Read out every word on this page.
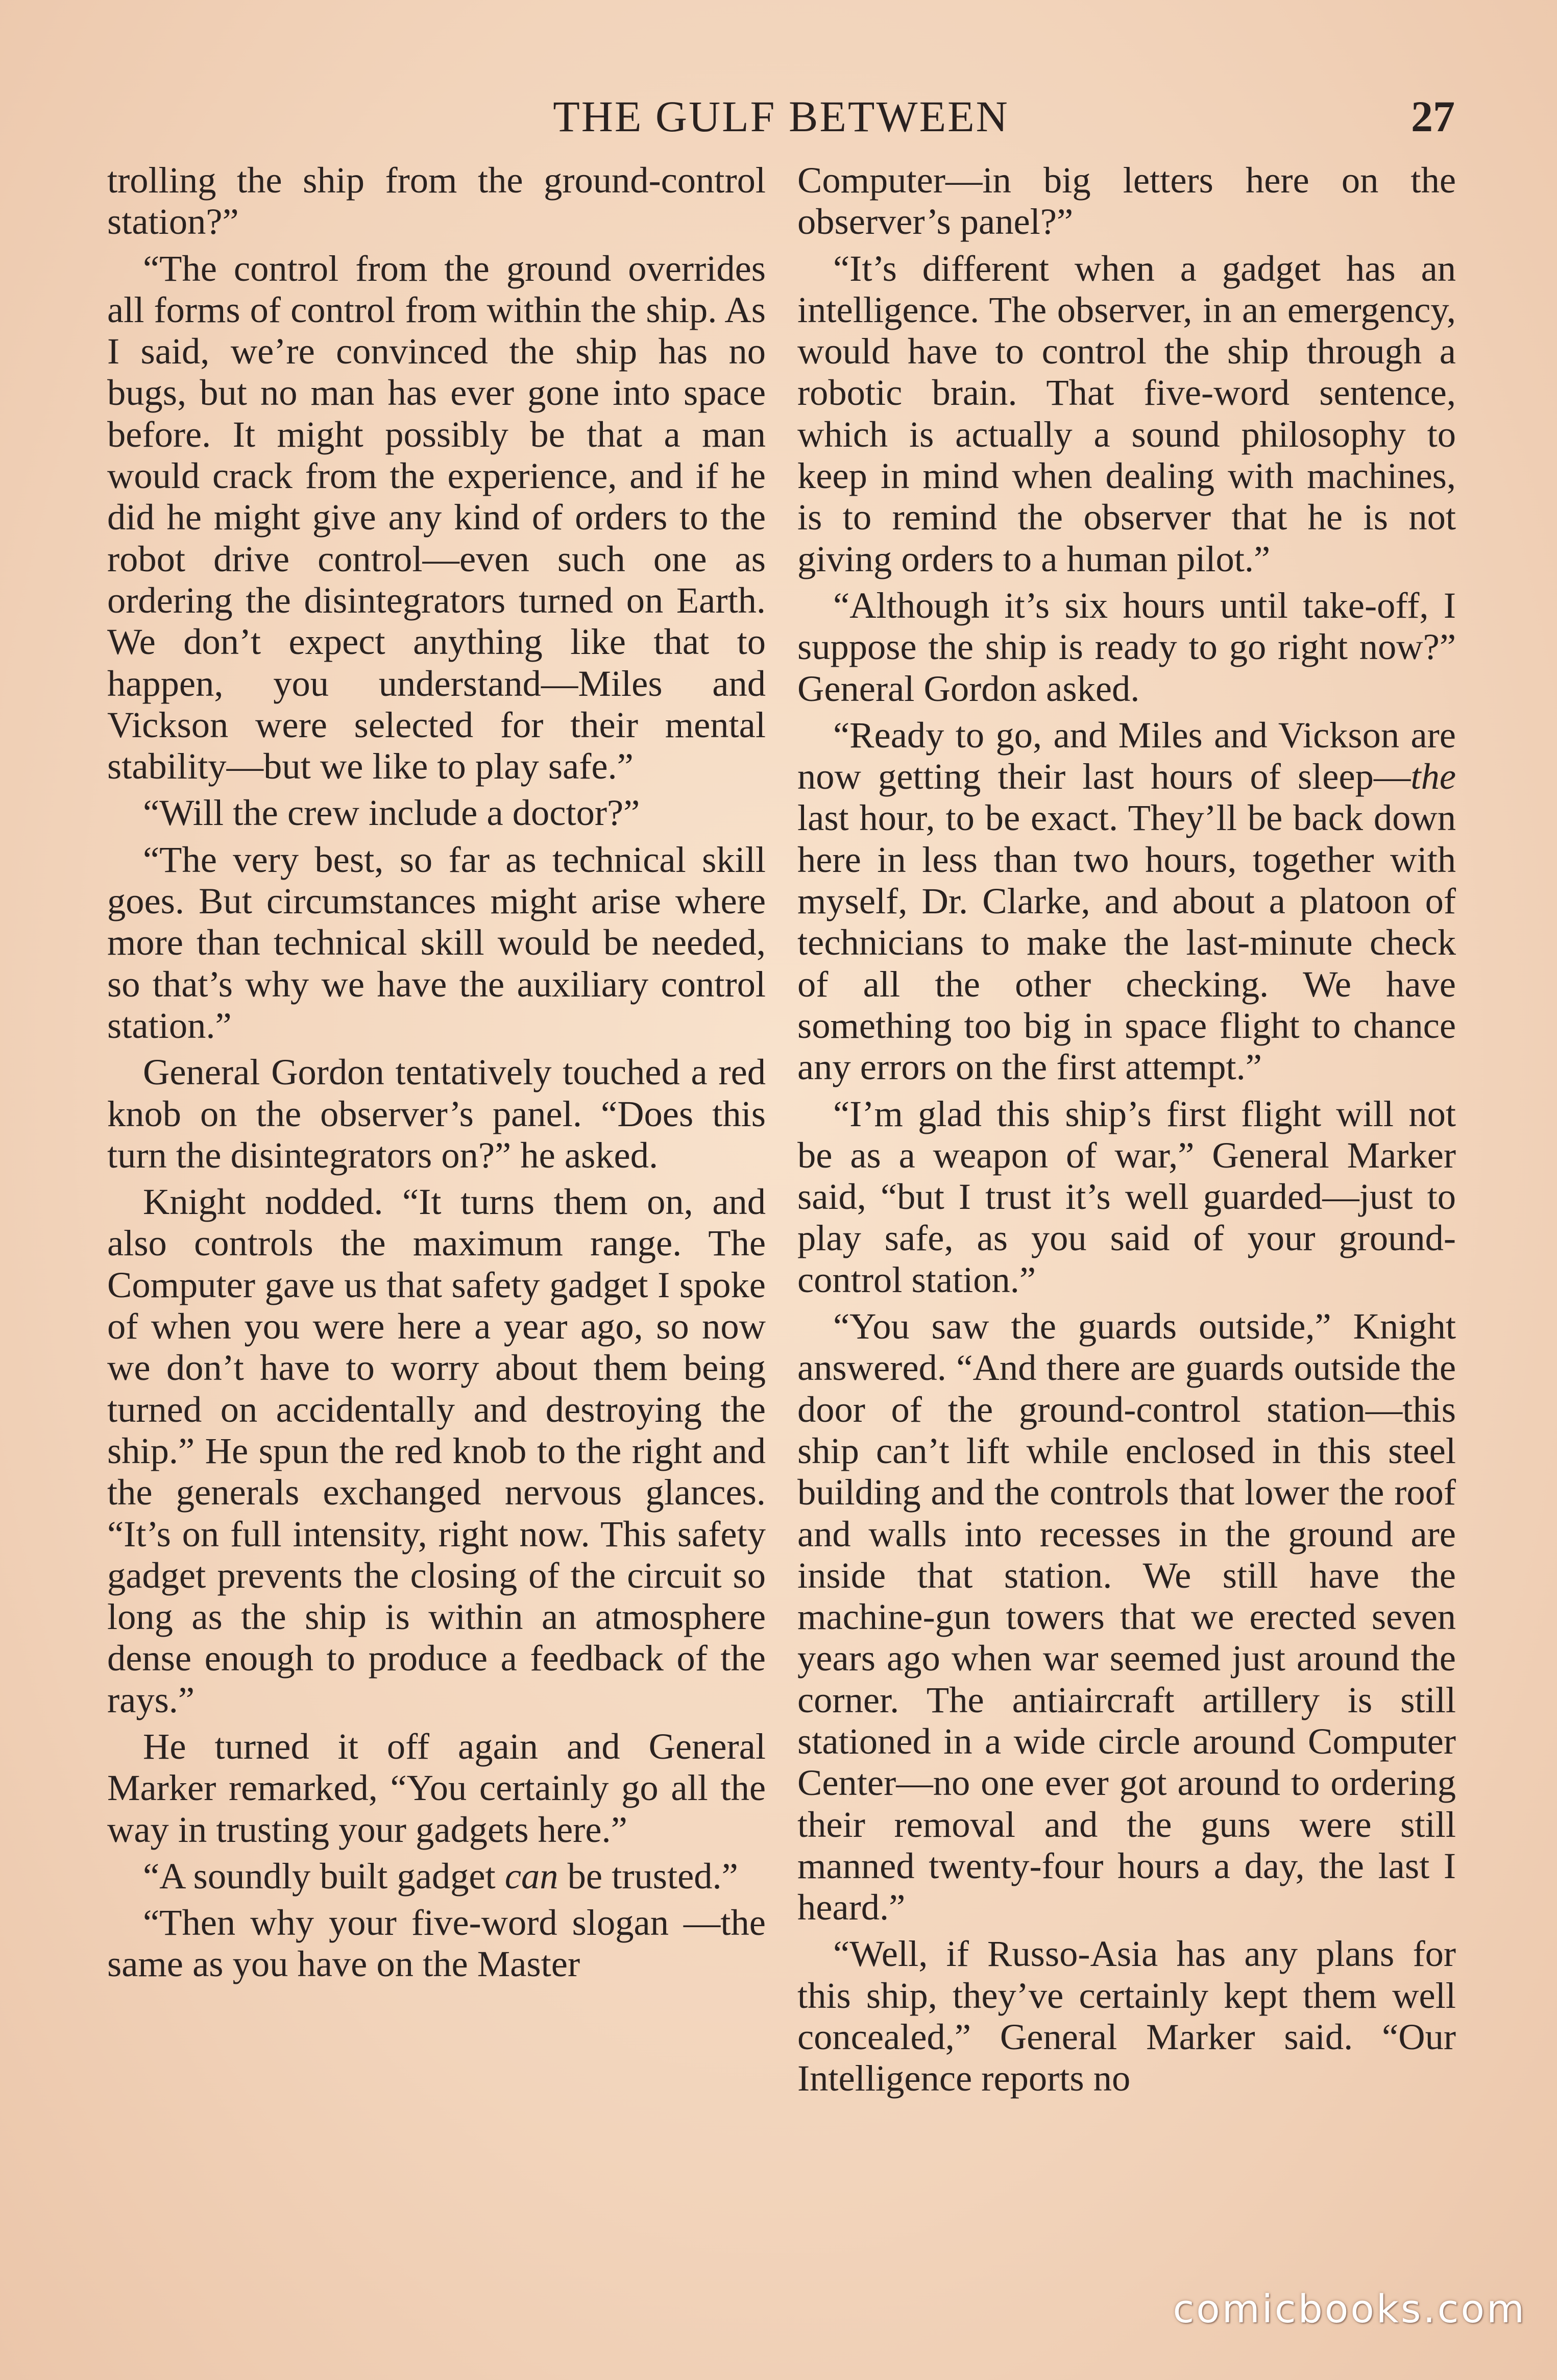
THE GULF BETWEEN	27

trolling the ship from the ground-control station?”

“The control from the ground overrides all forms of control from within the ship. As I said, we’re convinced the ship has no bugs, but no man has ever gone into space before. It might possibly be that a man would crack from the experience, and if he did he might give any kind of orders to the robot drive control—even such one as ordering the disintegrators turned on Earth. We don’t expect anything like that to happen, you understand—Miles and Vickson were selected for their mental stability—but we like to play safe.”

“Will the crew include a doctor?”

“The very best, so far as technical skill goes. But circumstances might arise where more than technical skill would be needed, so that’s why we have the auxiliary control station.”

General Gordon tentatively touched a red knob on the observer’s panel. “Does this turn the disintegrators on?” he asked.

Knight nodded. “It turns them on, and also controls the maximum range. The Computer gave us that safety gadget I spoke of when you were here a year ago, so now we don’t have to worry about them being turned on accidentally and destroying the ship.” He spun the red knob to the right and the generals exchanged nervous glances. “It’s on full intensity, right now. This safety gadget prevents the closing of the circuit so long as the ship is within an atmosphere dense enough to produce a feedback of the rays.”

He turned it off again and General Marker remarked, “You certainly go all the way in trusting your gadgets here.”

“A soundly built gadget can be trusted.”

“Then why your five-word slogan —the same as you have on the Master

Computer—in big letters here on the observer’s panel?”

“It’s different when a gadget has an intelligence. The observer, in an emergency, would have to control the ship through a robotic brain. That five-word sentence, which is actually a sound philosophy to keep in mind when dealing with machines, is to remind the observer that he is not giving orders to a human pilot.”

“Although it’s six hours until take-off, I suppose the ship is ready to go right now?” General Gordon asked.

“Ready to go, and Miles and Vickson are now getting their last hours of sleep—the last hour, to be exact. They’ll be back down here in less than two hours, together with myself, Dr. Clarke, and about a platoon of technicians to make the last-minute check of all the other checking. We have something too big in space flight to chance any errors on the first attempt.”

“I’m glad this ship’s first flight will not be as a weapon of war,” General Marker said, “but I trust it’s well guarded—just to play safe, as you said of your ground-control station.”

“You saw the guards outside,” Knight answered. “And there are guards outside the door of the ground-control station—this ship can’t lift while enclosed in this steel building and the controls that lower the roof and walls into recesses in the ground are inside that station. We still have the machine-gun towers that we erected seven years ago when war seemed just around the corner. The antiaircraft artillery is still stationed in a wide circle around Computer Center—no one ever got around to ordering their removal and the guns were still manned twenty-four hours a day, the last I heard.”

“Well, if Russo-Asia has any plans for this ship, they’ve certainly kept them well concealed,” General Marker said. “Our Intelligence reports no

comicbooks.com
